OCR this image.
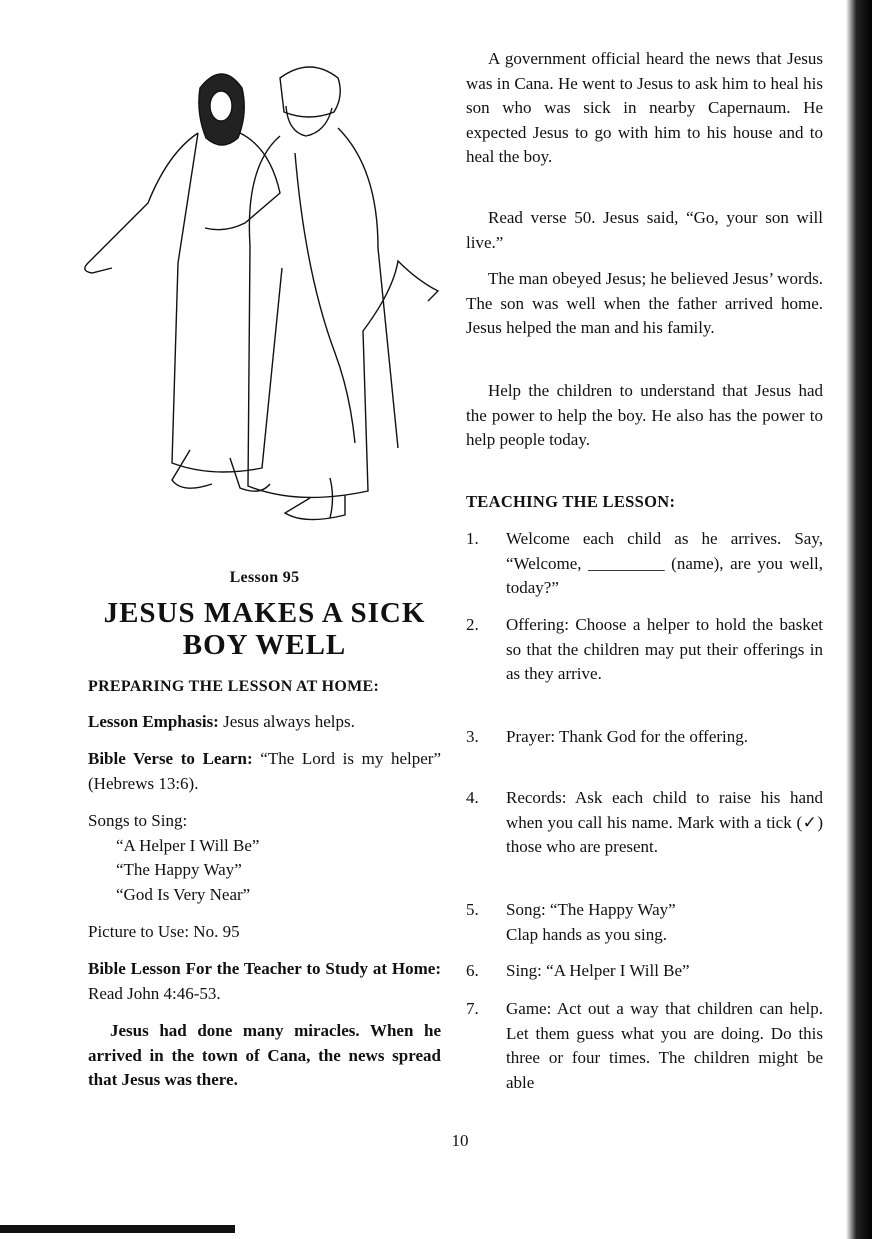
Lesson 95

JESUS MAKES A SICK

BOY WELL

PREPARING THE LESSON AT HOME:

Lesson Emphasis: Jesus always helps.

Bible Verse to Learn: “The Lord is my helper” (Hebrews 13:6).

Songs to Sing:

“A Helper I Will Be”

“The Happy Way”

“God Is Very Near”

Picture to Use: No. 95

Bible Lesson For the Teacher to Study at Home: Read John 4:46-53.

Jesus had done many miracles. When he arrived in the town of Cana, the news spread that Jesus was there.

A government official heard the news that Jesus was in Cana. He went to Jesus to ask him to heal his son who was sick in nearby Capernaum. He expected Jesus to go with him to his house and to heal the boy.

Read verse 50. Jesus said, “Go, your son will live.”

The man obeyed Jesus; he believed Jesus’ words. The son was well when the father arrived home. Jesus helped the man and his family.

Help the children to understand that Jesus had the power to help the boy. He also has the power to help people today.

TEACHING THE LESSON:

1.	Welcome each child as he arrives. Say, “Welcome, _________ (name), are you well, today?”
2.	Offering: Choose a helper to hold the basket so that the children may put their offerings in as they arrive.
3.	Prayer: Thank God for the offering.
4.	Records: Ask each child to raise his hand when you call his name. Mark with a tick (✓) those who are present.
5.	Song: “The Happy Way”
Clap hands as you sing.
6.	Sing: “A Helper I Will Be”
7.	Game: Act out a way that children can help. Let them guess what you are doing. Do this three or four times. The children might be able

10
